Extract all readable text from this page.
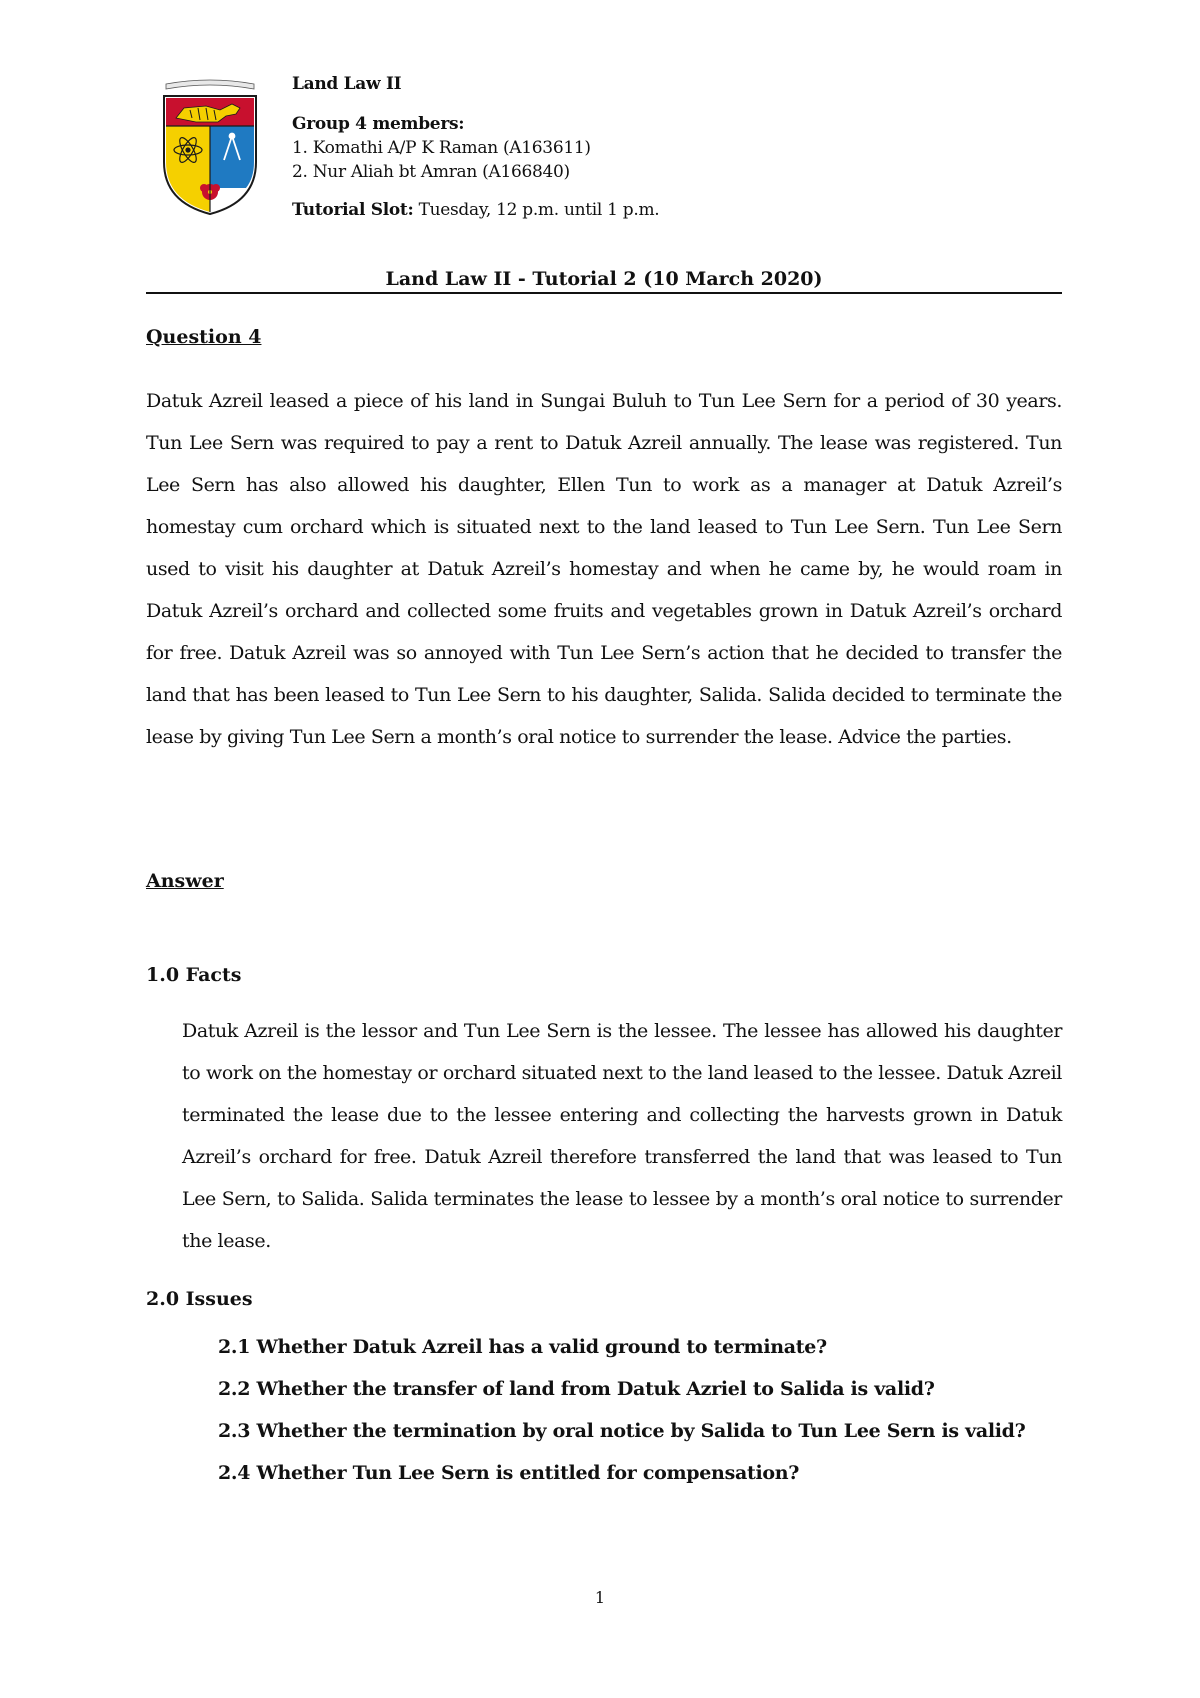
Land Law II
Group 4 members:
1. Komathi A/P K Raman (A163611)
2. Nur Aliah bt Amran (A166840)
Tutorial Slot: Tuesday, 12 p.m. until 1 p.m.
Land Law II - Tutorial 2 (10 March 2020)
Question 4
Datuk Azreil leased a piece of his land in Sungai Buluh to Tun Lee Sern for a period of 30 years. Tun Lee Sern was required to pay a rent to Datuk Azreil annually. The lease was registered. Tun Lee Sern has also allowed his daughter, Ellen Tun to work as a manager at Datuk Azreil’s homestay cum orchard which is situated next to the land leased to Tun Lee Sern. Tun Lee Sern used to visit his daughter at Datuk Azreil’s homestay and when he came by, he would roam in Datuk Azreil’s orchard and collected some fruits and vegetables grown in Datuk Azreil’s orchard for free. Datuk Azreil was so annoyed with Tun Lee Sern’s action that he decided to transfer the land that has been leased to Tun Lee Sern to his daughter, Salida. Salida decided to terminate the lease by giving Tun Lee Sern a month’s oral notice to surrender the lease. Advice the parties.
Answer
1.0 Facts
Datuk Azreil is the lessor and Tun Lee Sern is the lessee. The lessee has allowed his daughter to work on the homestay or orchard situated next to the land leased to the lessee. Datuk Azreil terminated the lease due to the lessee entering and collecting the harvests grown in Datuk Azreil’s orchard for free. Datuk Azreil therefore transferred the land that was leased to Tun Lee Sern, to Salida. Salida terminates the lease to lessee by a month’s oral notice to surrender the lease.
2.0 Issues
2.1 Whether Datuk Azreil has a valid ground to terminate?
2.2 Whether the transfer of land from Datuk Azriel to Salida is valid?
2.3 Whether the termination by oral notice by Salida to Tun Lee Sern is valid?
2.4 Whether Tun Lee Sern is entitled for compensation?
1
